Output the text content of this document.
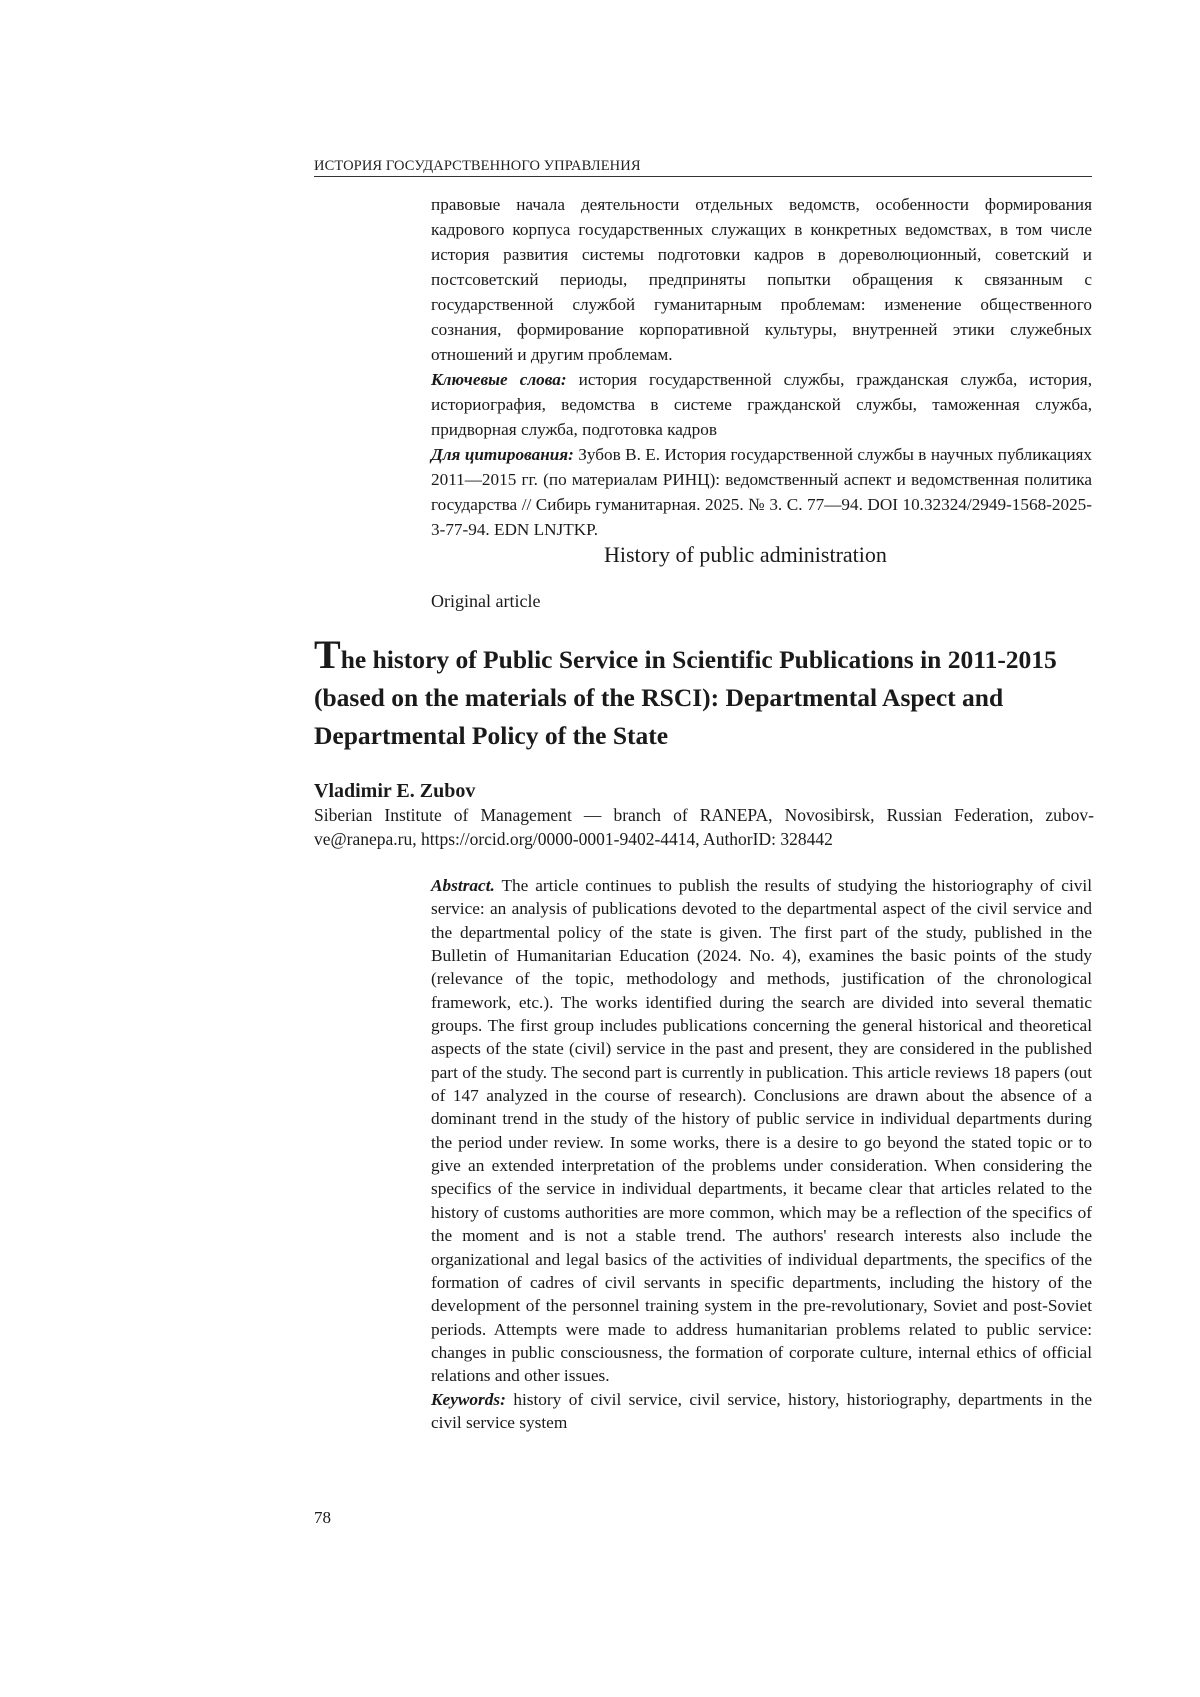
ИСТОРИЯ ГОСУДАРСТВЕННОГО УПРАВЛЕНИЯ

правовые начала деятельности отдельных ведомств, особенности формирования кадрового корпуса государственных служащих в конкретных ведомствах, в том числе история развития системы подготовки кадров в дореволюционный, советский и постсоветский периоды, предприняты попытки обращения к связанным с государственной службой гуманитарным проблемам: изменение общественного сознания, формирование корпоративной культуры, внутренней этики служебных отношений и другим проблемам.

Ключевые слова: история государственной службы, гражданская служба, история, историография, ведомства в системе гражданской службы, таможенная служба, придворная служба, подготовка кадров

Для цитирования: Зубов В. Е. История государственной службы в научных публикациях 2011—2015 гг. (по материалам РИНЦ): ведомственный аспект и ведомственная политика государства // Сибирь гуманитарная. 2025. № 3. С. 77—94. DOI 10.32324/2949-1568-2025-3-77-94. EDN LNJTKP.

History of public administration
Original article
The history of Public Service in Scientific Publications in 2011-2015 (based on the materials of the RSCI): Departmental Aspect and Departmental Policy of the State
Vladimir E. Zubov
Siberian Institute of Management — branch of RANEPA, Novosibirsk, Russian Federation, zubov-ve@ranepa.ru, https://orcid.org/0000-0001-9402-4414, AuthorID: 328442

Abstract. The article continues to publish the results of studying the historiography of civil service: an analysis of publications devoted to the departmental aspect of the civil service and the departmental policy of the state is given. The first part of the study, published in the Bulletin of Humanitarian Education (2024. No. 4), examines the basic points of the study (relevance of the topic, methodology and methods, justification of the chronological framework, etc.). The works identified during the search are divided into several thematic groups. The first group includes publications concerning the general historical and theoretical aspects of the state (civil) service in the past and present, they are considered in the published part of the study. The second part is currently in publication. This article reviews 18 papers (out of 147 analyzed in the course of research). Conclusions are drawn about the absence of a dominant trend in the study of the history of public service in individual departments during the period under review. In some works, there is a desire to go beyond the stated topic or to give an extended interpretation of the problems under consideration. When considering the specifics of the service in individual departments, it became clear that articles related to the history of customs authorities are more common, which may be a reflection of the specifics of the moment and is not a stable trend. The authors' research interests also include the organizational and legal basics of the activities of individual departments, the specifics of the formation of cadres of civil servants in specific departments, including the history of the development of the personnel training system in the pre-revolutionary, Soviet and post-Soviet periods. Attempts were made to address humanitarian problems related to public service: changes in public consciousness, the formation of corporate culture, internal ethics of official relations and other issues.

Keywords: history of civil service, civil service, history, historiography, departments in the civil service system

78
